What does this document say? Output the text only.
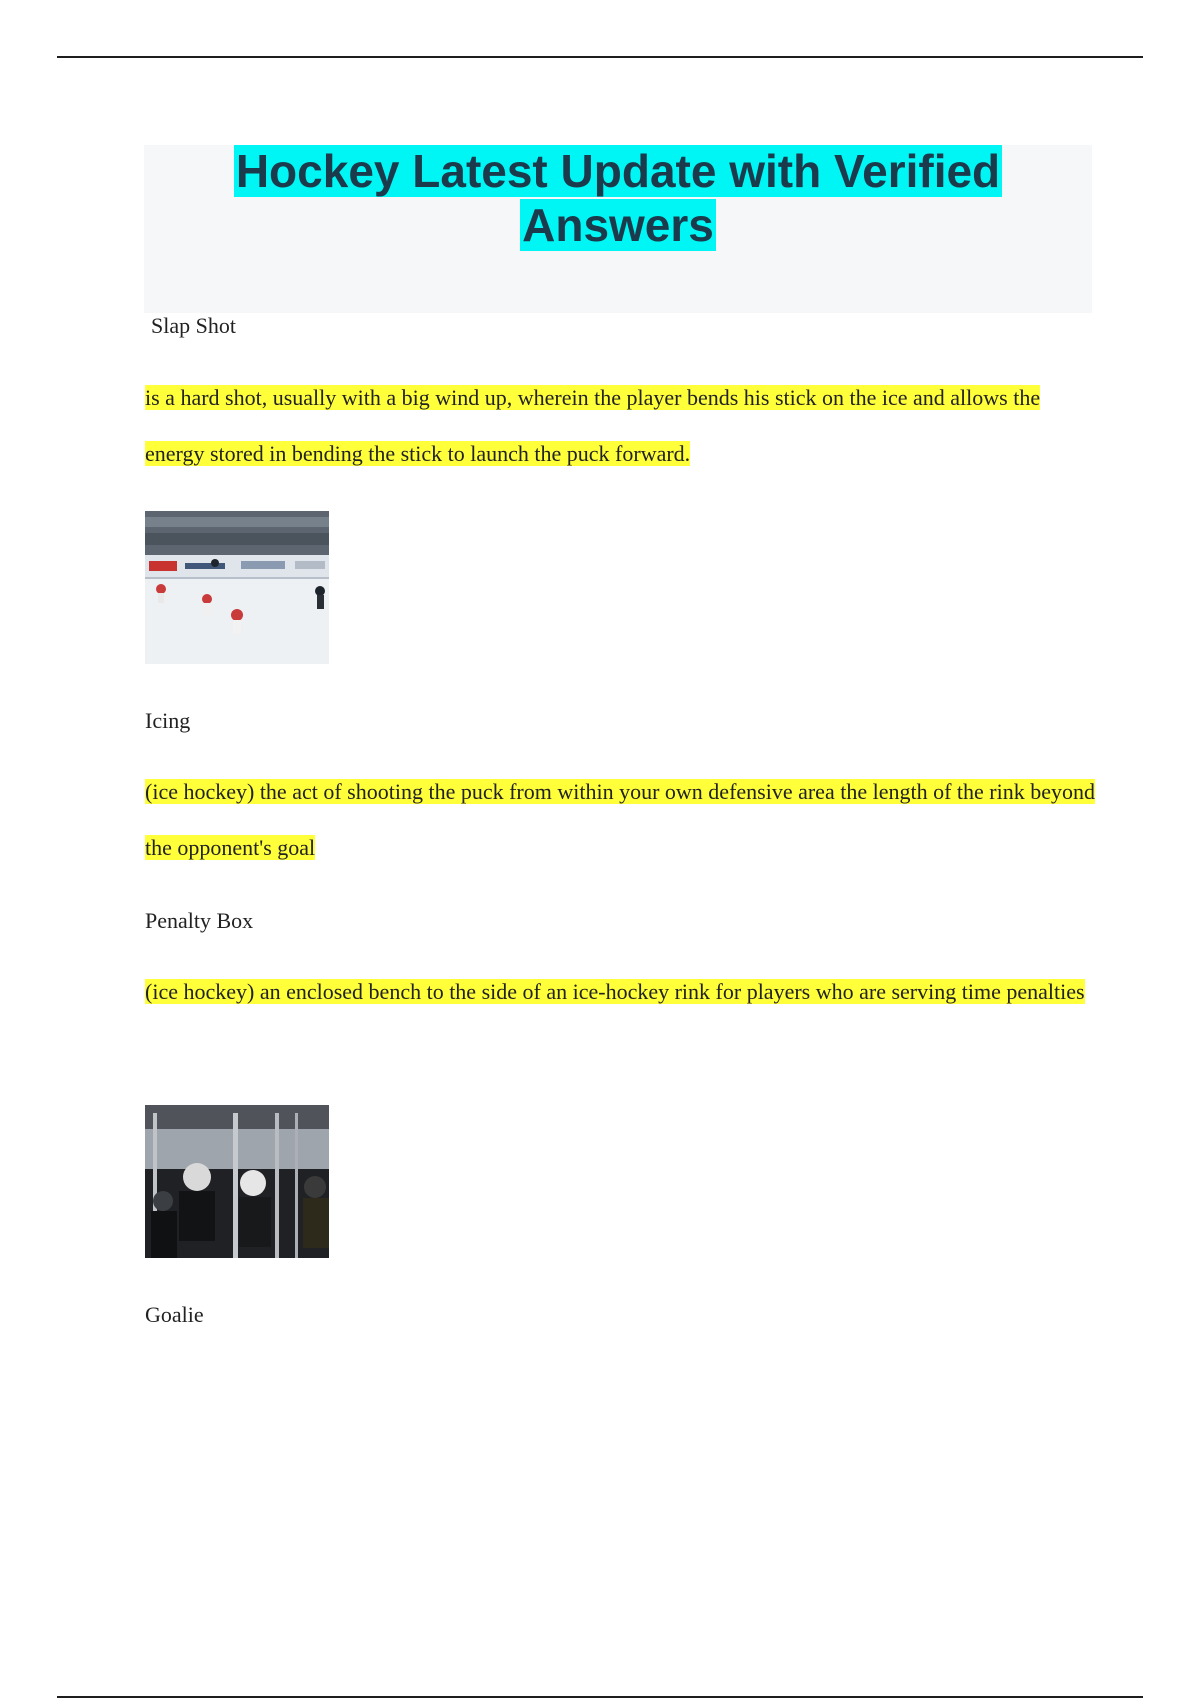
Hockey Latest Update with Verified Answers

Slap Shot

is a hard shot, usually with a big wind up, wherein the player bends his stick on the ice and allows the energy stored in bending the stick to launch the puck forward.

Icing

(ice hockey) the act of shooting the puck from within your own defensive area the length of the rink beyond the opponent's goal

Penalty Box

(ice hockey) an enclosed bench to the side of an ice-hockey rink for players who are serving time penalties

Goalie
